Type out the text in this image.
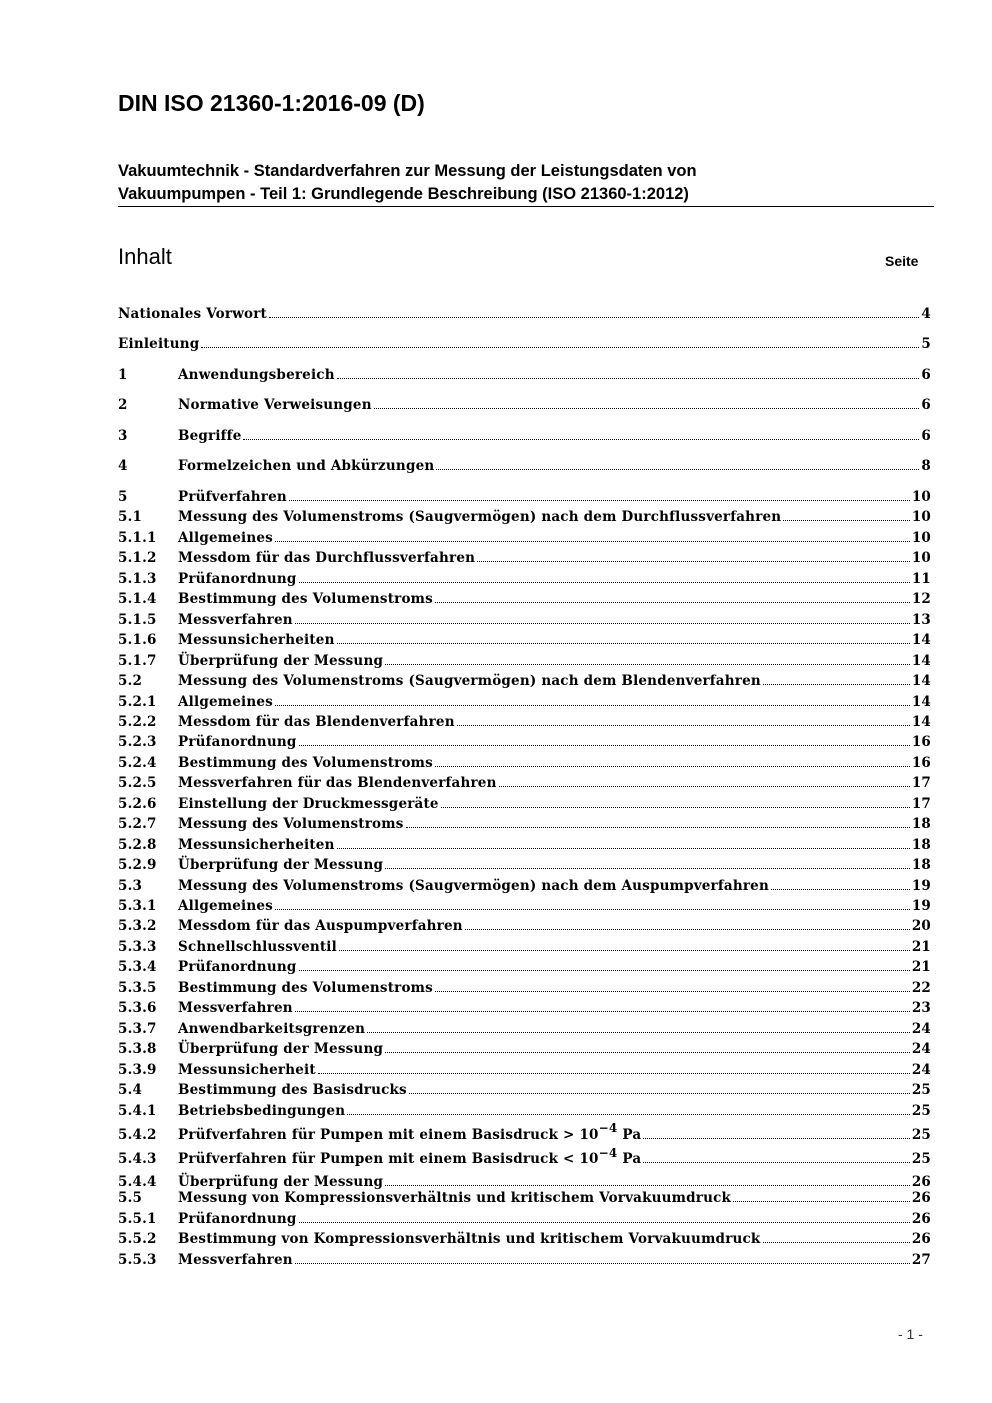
DIN ISO 21360-1:2016-09 (D)
Vakuumtechnik - Standardverfahren zur Messung der Leistungsdaten von
Vakuumpumpen - Teil 1: Grundlegende Beschreibung (ISO 21360-1:2012)
Inhalt	Seite
Nationales Vorwort	4
Einleitung	5
1	Anwendungsbereich	6
2	Normative Verweisungen	6
3	Begriffe	6
4	Formelzeichen und Abkürzungen	8
5	Prüfverfahren	10
5.1	Messung des Volumenstroms (Saugvermögen) nach dem Durchflussverfahren	10
5.1.1	Allgemeines	10
5.1.2	Messdom für das Durchflussverfahren	10
5.1.3	Prüfanordnung	11
5.1.4	Bestimmung des Volumenstroms	12
5.1.5	Messverfahren	13
5.1.6	Messunsicherheiten	14
5.1.7	Überprüfung der Messung	14
5.2	Messung des Volumenstroms (Saugvermögen) nach dem Blendenverfahren	14
5.2.1	Allgemeines	14
5.2.2	Messdom für das Blendenverfahren	14
5.2.3	Prüfanordnung	16
5.2.4	Bestimmung des Volumenstroms	16
5.2.5	Messverfahren für das Blendenverfahren	17
5.2.6	Einstellung der Druckmessgeräte	17
5.2.7	Messung des Volumenstroms	18
5.2.8	Messunsicherheiten	18
5.2.9	Überprüfung der Messung	18
5.3	Messung des Volumenstroms (Saugvermögen) nach dem Auspumpverfahren	19
5.3.1	Allgemeines	19
5.3.2	Messdom für das Auspumpverfahren	20
5.3.3	Schnellschlussventil	21
5.3.4	Prüfanordnung	21
5.3.5	Bestimmung des Volumenstroms	22
5.3.6	Messverfahren	23
5.3.7	Anwendbarkeitsgrenzen	24
5.3.8	Überprüfung der Messung	24
5.3.9	Messunsicherheit	24
5.4	Bestimmung des Basisdrucks	25
5.4.1	Betriebsbedingungen	25
5.4.2	Prüfverfahren für Pumpen mit einem Basisdruck > $10^{-4}$ Pa	25
5.4.3	Prüfverfahren für Pumpen mit einem Basisdruck < $10^{-4}$ Pa	25
5.4.4	Überprüfung der Messung	26
5.5	Messung von Kompressionsverhältnis und kritischem Vorvakuumdruck	26
5.5.1	Prüfanordnung	26
5.5.2	Bestimmung von Kompressionsverhältnis und kritischem Vorvakuumdruck	26
5.5.3	Messverfahren	27
- 1 -
